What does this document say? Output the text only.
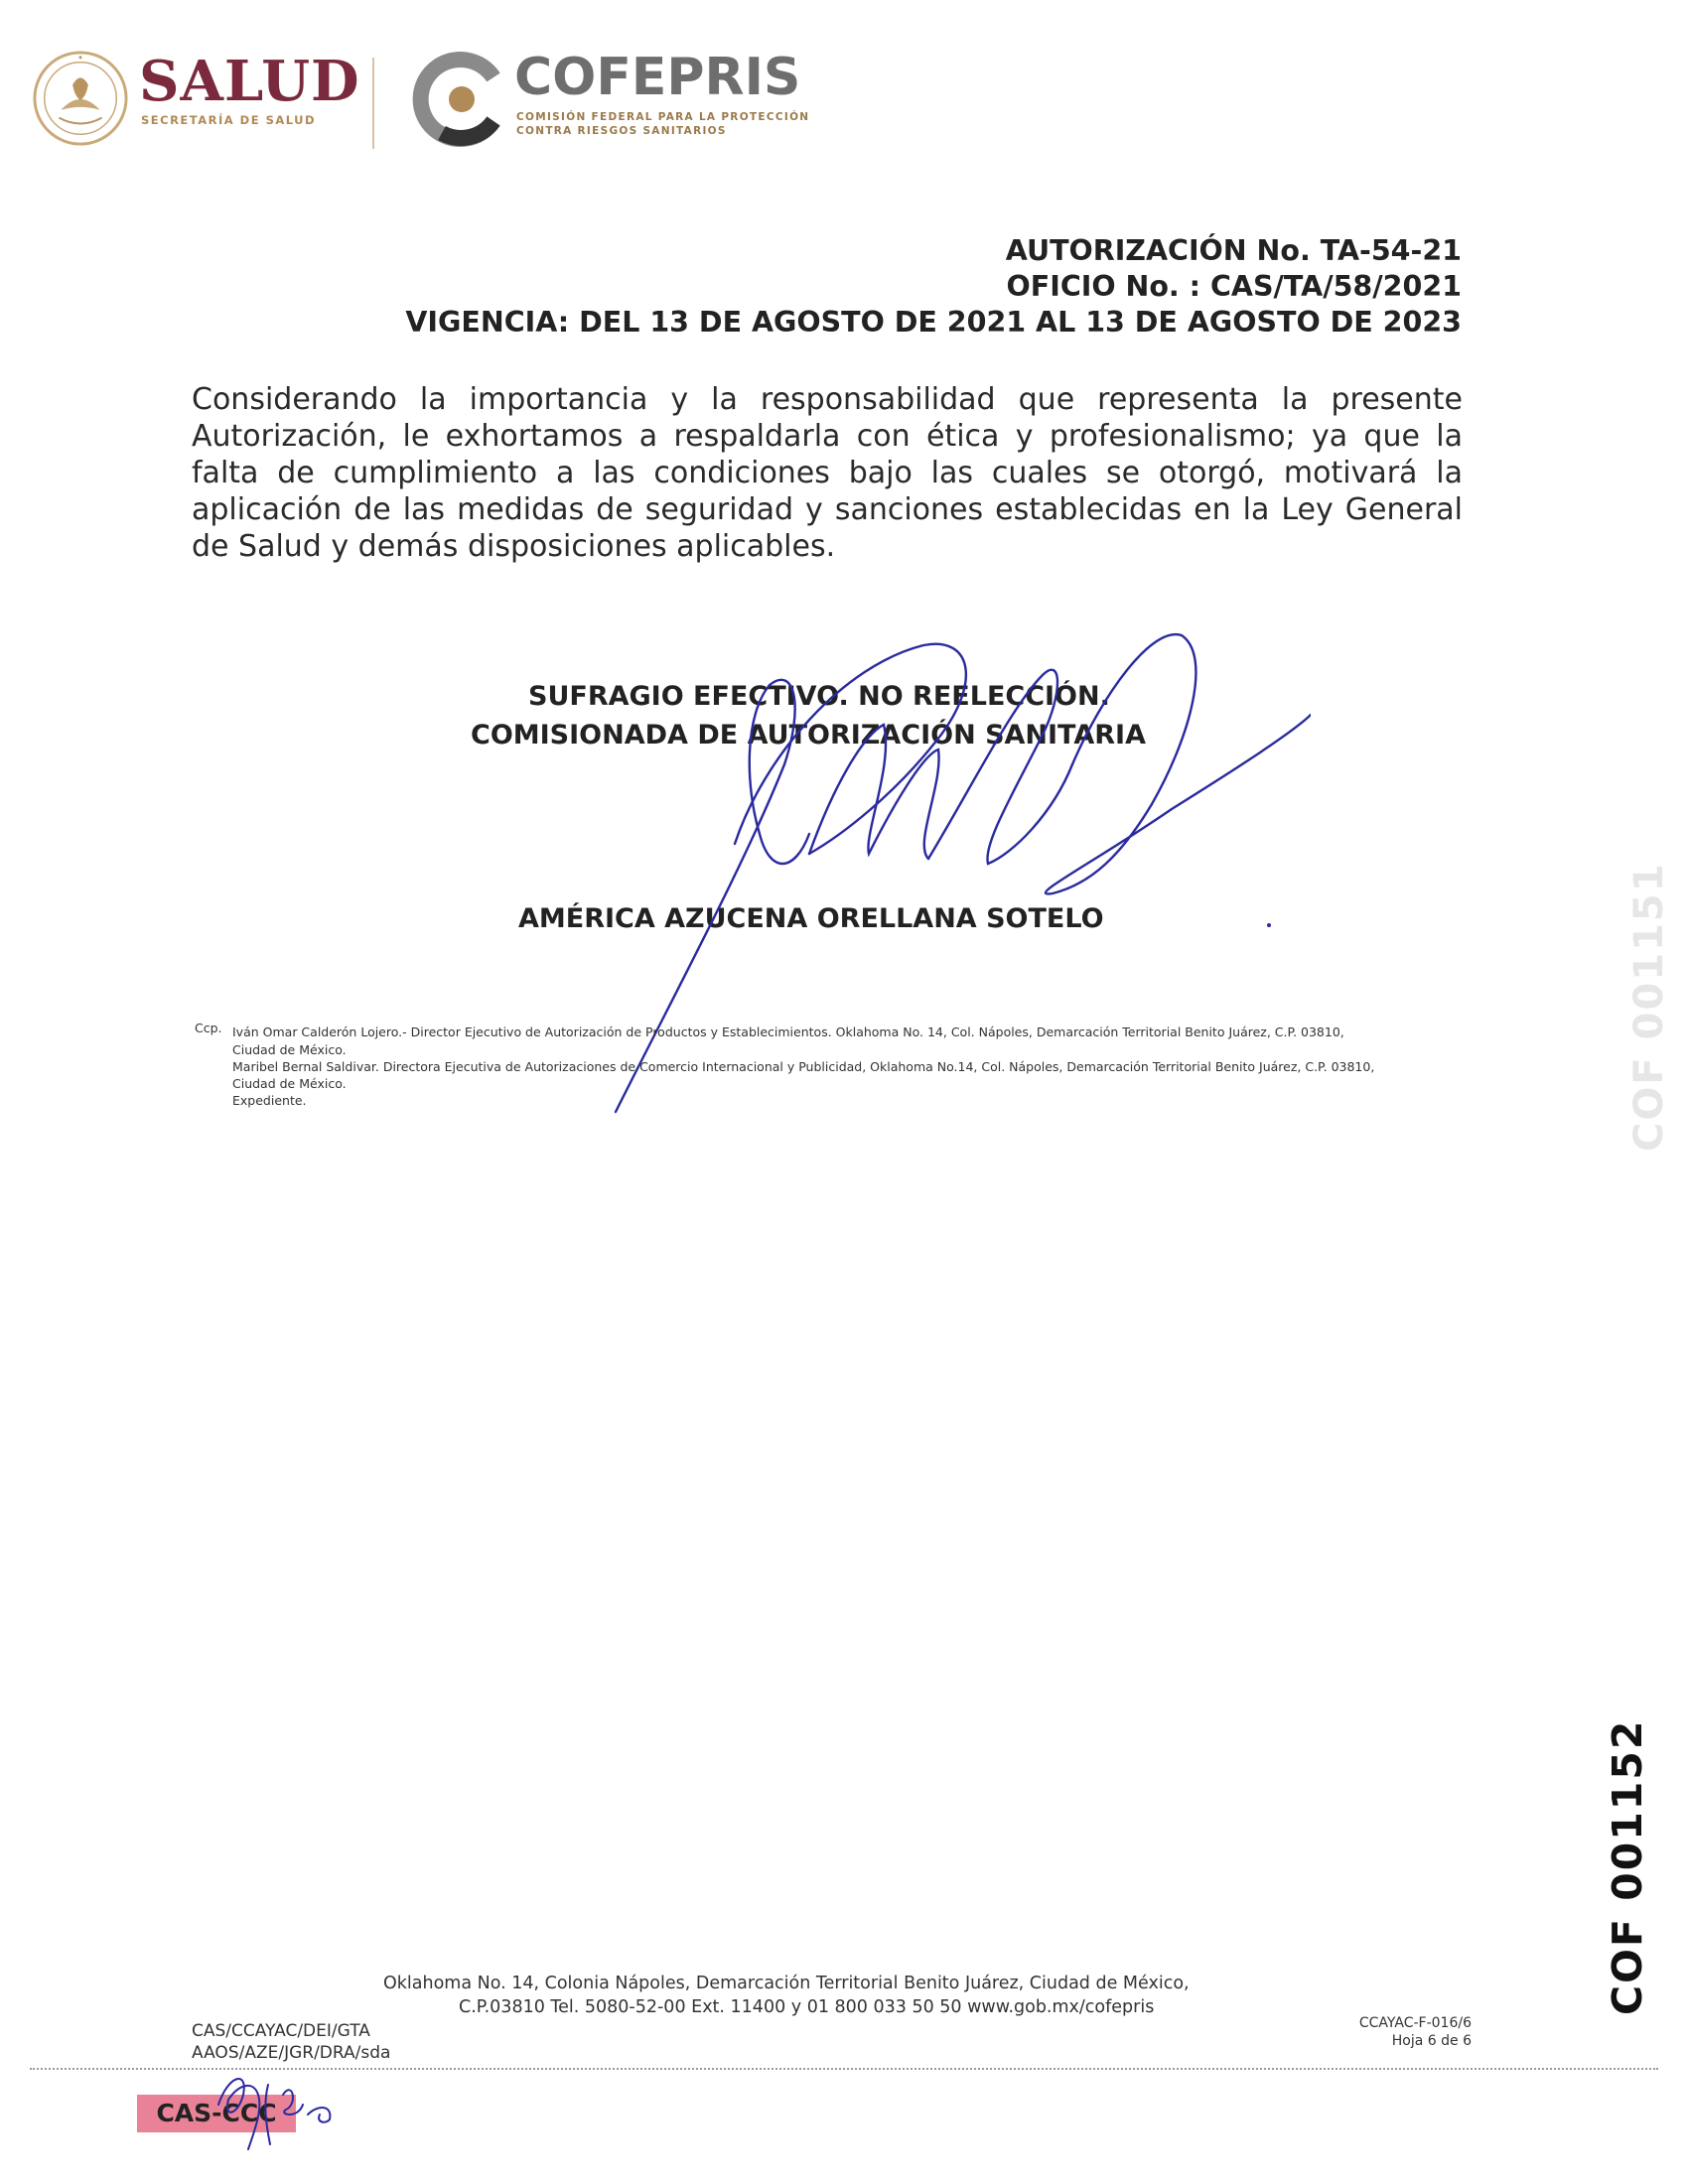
SALUD
SECRETARÍA DE SALUD
COFEPRIS
COMISIÓN FEDERAL PARA LA PROTECCIÓN
CONTRA RIESGOS SANITARIOS
AUTORIZACIÓN No. TA-54-21
OFICIO No. : CAS/TA/58/2021
VIGENCIA: DEL 13 DE AGOSTO DE 2021 AL 13 DE AGOSTO DE 2023
Considerando la importancia y la responsabilidad que representa la presente Autorización, le exhortamos a respaldarla con ética y profesionalismo; ya que la falta de cumplimiento a las condiciones bajo las cuales se otorgó, motivará la aplicación de las medidas de seguridad y sanciones establecidas en la Ley General de Salud y demás disposiciones aplicables.
SUFRAGIO EFECTIVO. NO REELECCIÓN.
COMISIONADA DE AUTORIZACIÓN SANITARIA
AMÉRICA AZUCENA ORELLANA SOTELO
Ccp. Iván Omar Calderón Lojero.- Director Ejecutivo de Autorización de Productos y Establecimientos. Oklahoma No. 14, Col. Nápoles, Demarcación Territorial Benito Juárez, C.P. 03810,
Ciudad de México.
Maribel Bernal Saldivar. Directora Ejecutiva de Autorizaciones de Comercio Internacional y Publicidad, Oklahoma No.14, Col. Nápoles, Demarcación Territorial Benito Juárez, C.P. 03810,
Ciudad de México.
Expediente.	COF 001151
COF 001152
Oklahoma No. 14, Colonia Nápoles, Demarcación Territorial Benito Juárez, Ciudad de México,
C.P.03810 Tel. 5080-52-00 Ext. 11400 y 01 800 033 50 50 www.gob.mx/cofepris
CCAYAC-F-016/6
Hoja 6 de 6
CAS/CCAYAC/DEI/GTA
AAOS/AZE/JGR/DRA/sda
CAS-CCC
